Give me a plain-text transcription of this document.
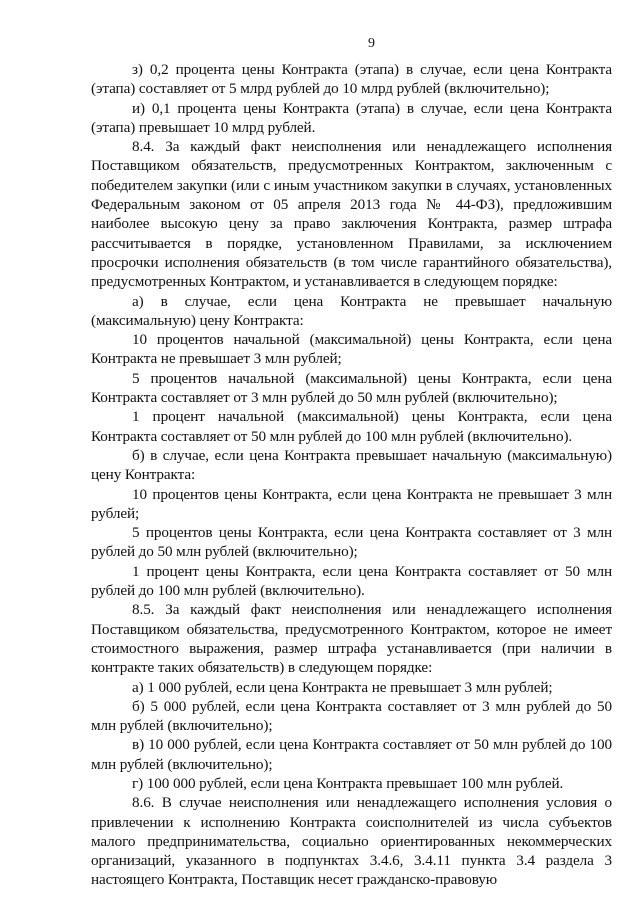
9

з) 0,2 процента цены Контракта (этапа) в случае, если цена Контракта (этапа) составляет от 5 млрд рублей до 10 млрд рублей (включительно);

и) 0,1 процента цены Контракта (этапа) в случае, если цена Контракта (этапа) превышает 10 млрд рублей.

8.4. За каждый факт неисполнения или ненадлежащего исполнения Поставщиком обязательств, предусмотренных Контрактом, заключенным с победителем закупки (или с иным участником закупки в случаях, установленных Федеральным законом от 05 апреля 2013 года № 44-ФЗ), предложившим наиболее высокую цену за право заключения Контракта, размер штрафа рассчитывается в порядке, установленном Правилами, за исключением просрочки исполнения обязательств (в том числе гарантийного обязательства), предусмотренных Контрактом, и устанавливается в следующем порядке:

а) в случае, если цена Контракта не превышает начальную (максимальную) цену Контракта:

10 процентов начальной (максимальной) цены Контракта, если цена Контракта не превышает 3 млн рублей;

5 процентов начальной (максимальной) цены Контракта, если цена Контракта составляет от 3 млн рублей до 50 млн рублей (включительно);

1 процент начальной (максимальной) цены Контракта, если цена Контракта составляет от 50 млн рублей до 100 млн рублей (включительно).

б) в случае, если цена Контракта превышает начальную (максимальную) цену Контракта:

10 процентов цены Контракта, если цена Контракта не превышает 3 млн рублей;

5 процентов цены Контракта, если цена Контракта составляет от 3 млн рублей до 50 млн рублей (включительно);

1 процент цены Контракта, если цена Контракта составляет от 50 млн рублей до 100 млн рублей (включительно).

8.5. За каждый факт неисполнения или ненадлежащего исполнения Поставщиком обязательства, предусмотренного Контрактом, которое не имеет стоимостного выражения, размер штрафа устанавливается (при наличии в контракте таких обязательств) в следующем порядке:

а) 1 000 рублей, если цена Контракта не превышает 3 млн рублей;

б) 5 000 рублей, если цена Контракта составляет от 3 млн рублей до 50 млн рублей (включительно);

в) 10 000 рублей, если цена Контракта составляет от 50 млн рублей до 100 млн рублей (включительно);

г) 100 000 рублей, если цена Контракта превышает 100 млн рублей.

8.6. В случае неисполнения или ненадлежащего исполнения условия о привлечении к исполнению Контракта соисполнителей из числа субъектов малого предпринимательства, социально ориентированных некоммерческих организаций, указанного в подпунктах 3.4.6, 3.4.11 пункта 3.4 раздела 3 настоящего Контракта, Поставщик несет гражданско-правовую
